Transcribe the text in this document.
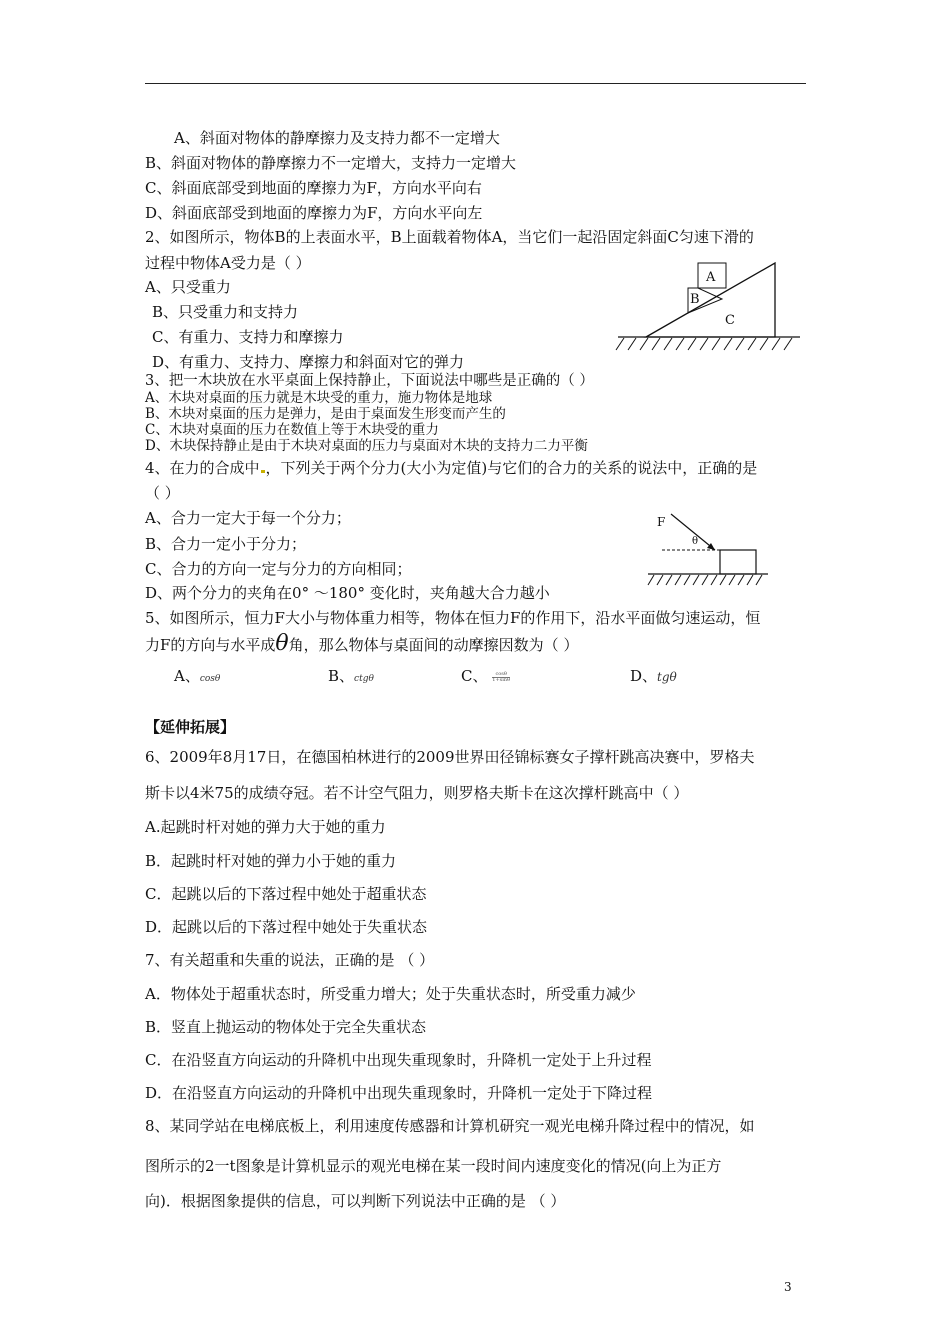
A、斜面对物体的静摩擦力及支持力都不一定增大
B、斜面对物体的静摩擦力不一定增大，支持力一定增大
C、斜面底部受到地面的摩擦力为F，方向水平向右
D、斜面底部受到地面的摩擦力为F，方向水平向左
2、如图所示，物体B的上表面水平，B上面载着物体A，当它们一起沿固定斜面C匀速下滑的
过程中物体A受力是（ ）
A、只受重力
B、只受重力和支持力
C、有重力、支持力和摩擦力
D、有重力、支持力、摩擦力和斜面对它的弹力
A
B
C
3、把一木块放在水平桌面上保持静止，下面说法中哪些是正确的（ ）
A、木块对桌面的压力就是木块受的重力，施力物体是地球
B、木块对桌面的压力是弹力，是由于桌面发生形变而产生的
C、木块对桌面的压力在数值上等于木块受的重力
D、木块保持静止是由于木块对桌面的压力与桌面对木块的支持力二力平衡
4、在力的合成中 ，下列关于两个分力(大小为定值)与它们的合力的关系的说法中，正确的是
（ ）
A、合力一定大于每一个分力；
B、合力一定小于分力；
C、合力的方向一定与分力的方向相同；
D、两个分力的夹角在0° ～180° 变化时，夹角越大合力越小
F
θ
5、如图所示，恒力F大小与物体重力相等，物体在恒力F的作用下，沿水平面做匀速运动，恒
力F的方向与水平成θ角，那么物体与桌面间的动摩擦因数为（ ）
A、cosθ	B、ctgθ	C、 $\frac{\cos\theta}{1+\sin\theta}$	D、tgθ
【延伸拓展】
6、2009年8月17日，在德国柏林进行的2009世界田径锦标赛女子撑杆跳高决赛中，罗格夫
斯卡以4米75的成绩夺冠。若不计空气阻力，则罗格夫斯卡在这次撑杆跳高中（ ）
A.起跳时杆对她的弹力大于她的重力
B．起跳时杆对她的弹力小于她的重力
C．起跳以后的下落过程中她处于超重状态
D．起跳以后的下落过程中她处于失重状态
7、有关超重和失重的说法，正确的是 （ ）
A．物体处于超重状态时，所受重力增大；处于失重状态时，所受重力减少
B．竖直上抛运动的物体处于完全失重状态
C．在沿竖直方向运动的升降机中出现失重现象时，升降机一定处于上升过程
D．在沿竖直方向运动的升降机中出现失重现象时，升降机一定处于下降过程
8、某同学站在电梯底板上，利用速度传感器和计算机研究一观光电梯升降过程中的情况，如
图所示的2一t图象是计算机显示的观光电梯在某一段时间内速度变化的情况(向上为正方
向)．根据图象提供的信息，可以判断下列说法中正确的是 （ ）
3
